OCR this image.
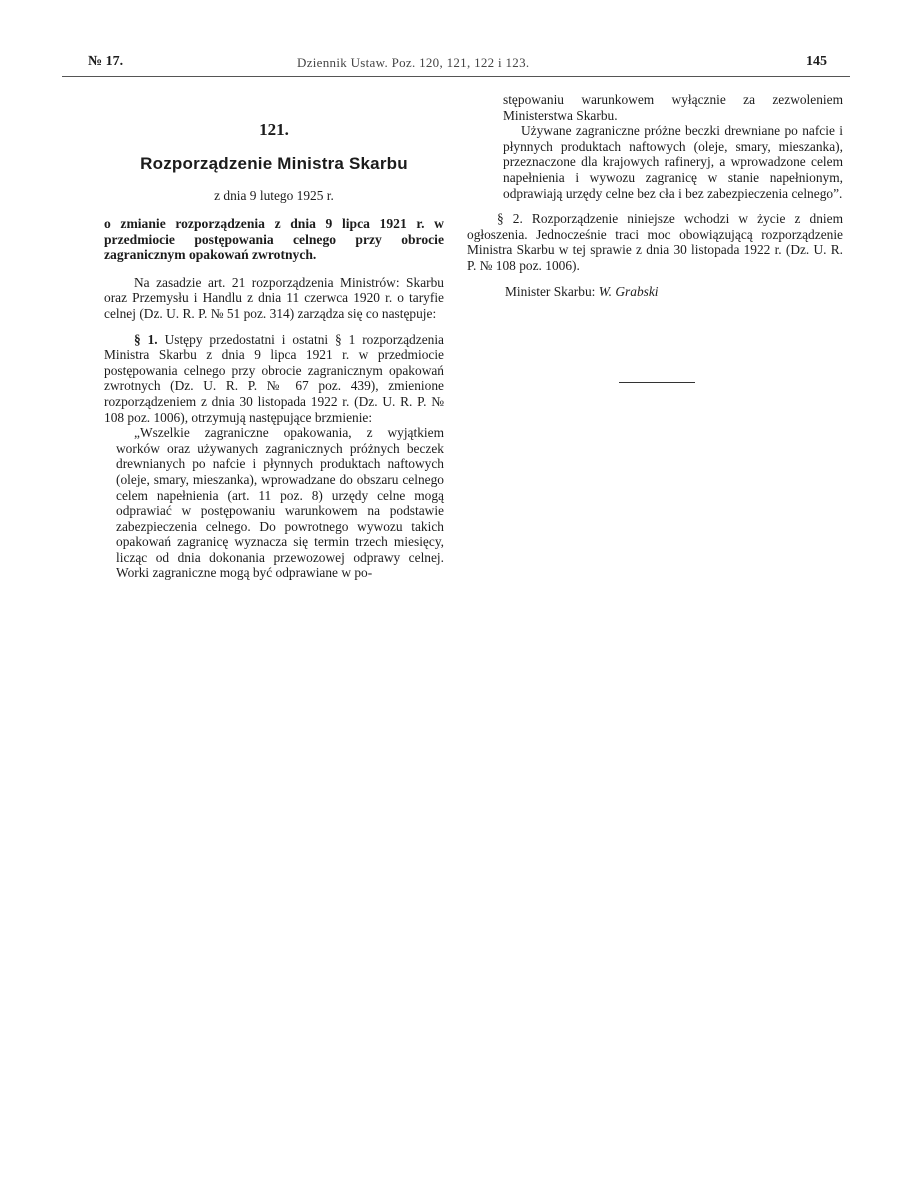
№ 17.	Dziennik Ustaw. Poz. 120, 121, 122 i 123.	145
121.
Rozporządzenie Ministra Skarbu
z dnia 9 lutego 1925 r.

o zmianie rozporządzenia z dnia 9 lipca 1921 r. w przedmiocie postępowania celnego przy obrocie zagranicznym opakowań zwrotnych.

Na zasadzie art. 21 rozporządzenia Ministrów: Skarbu oraz Przemysłu i Handlu z dnia 11 czerwca 1920 r. o taryfie celnej (Dz. U. R. P. № 51 poz. 314) zarządza się co następuje:

§ 1. Ustępy przedostatni i ostatni § 1 rozporządzenia Ministra Skarbu z dnia 9 lipca 1921 r. w przedmiocie postępowania celnego przy obrocie zagranicznym opakowań zwrotnych (Dz. U. R. P. № 67 poz. 439), zmienione rozporządzeniem z dnia 30 listopada 1922 r. (Dz. U. R. P. № 108 poz. 1006), otrzymują następujące brzmienie:

„Wszelkie zagraniczne opakowania, z wyjątkiem worków oraz używanych zagranicznych próżnych beczek drewnianych po nafcie i płynnych produktach naftowych (oleje, smary, mieszanka), wprowadzane do obszaru celnego celem napełnienia (art. 11 poz. 8) urzędy celne mogą odprawiać w postępowaniu warunkowem na podstawie zabezpieczenia celnego. Do powrotnego wywozu takich opakowań zagranicę wyznacza się termin trzech miesięcy, licząc od dnia dokonania przewozowej odprawy celnej. Worki zagraniczne mogą być odprawiane w po-

stępowaniu warunkowem wyłącznie za zezwoleniem Ministerstwa Skarbu.

Używane zagraniczne próżne beczki drewniane po nafcie i płynnych produktach naftowych (oleje, smary, mieszanka), przeznaczone dla krajowych rafineryj, a wprowadzone celem napełnienia i wywozu zagranicę w stanie napełnionym, odprawiają urzędy celne bez cła i bez zabezpieczenia celnego”.

§ 2. Rozporządzenie niniejsze wchodzi w życie z dniem ogłoszenia. Jednocześnie traci moc obowiązującą rozporządzenie Ministra Skarbu w tej sprawie z dnia 30 listopada 1922 r. (Dz. U. R. P. № 108 poz. 1006).

Minister Skarbu: W. Grabski
